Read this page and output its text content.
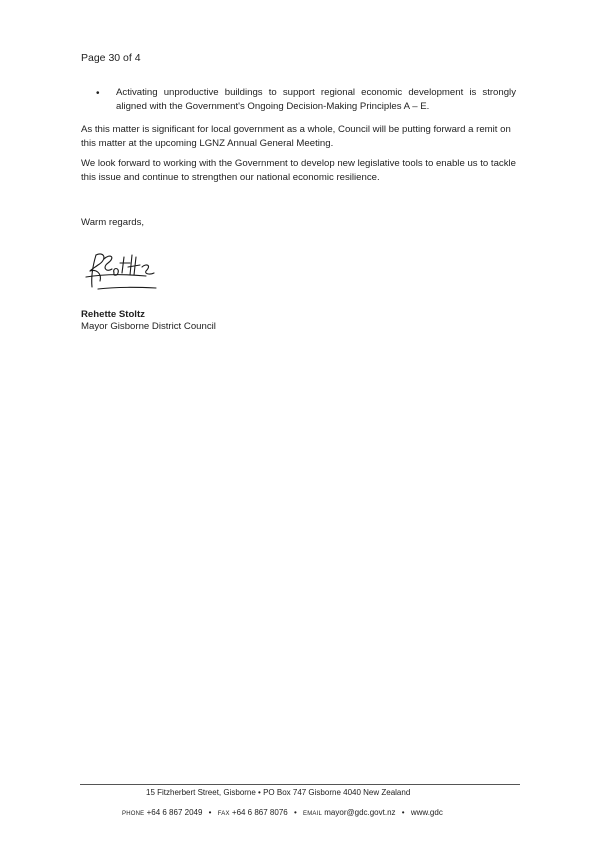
Page 30 of 4
•	Activating unproductive buildings to support regional economic development is strongly aligned with the Government's Ongoing Decision-Making Principles A – E.
As this matter is significant for local government as a whole, Council will be putting forward a remit on this matter at the upcoming LGNZ Annual General Meeting.
We look forward to working with the Government to develop new legislative tools to enable us to tackle this issue and continue to strengthen our national economic resilience.
Warm regards,
Rehette Stoltz
Mayor Gisborne District Council
15 Fitzherbert Street, Gisborne • PO Box 747 Gisborne 4040 New Zealand
PHONE +64 6 867 2049 • FAX +64 6 867 8076 • EMAIL mayor@gdc.govt.nz • www.gdc
